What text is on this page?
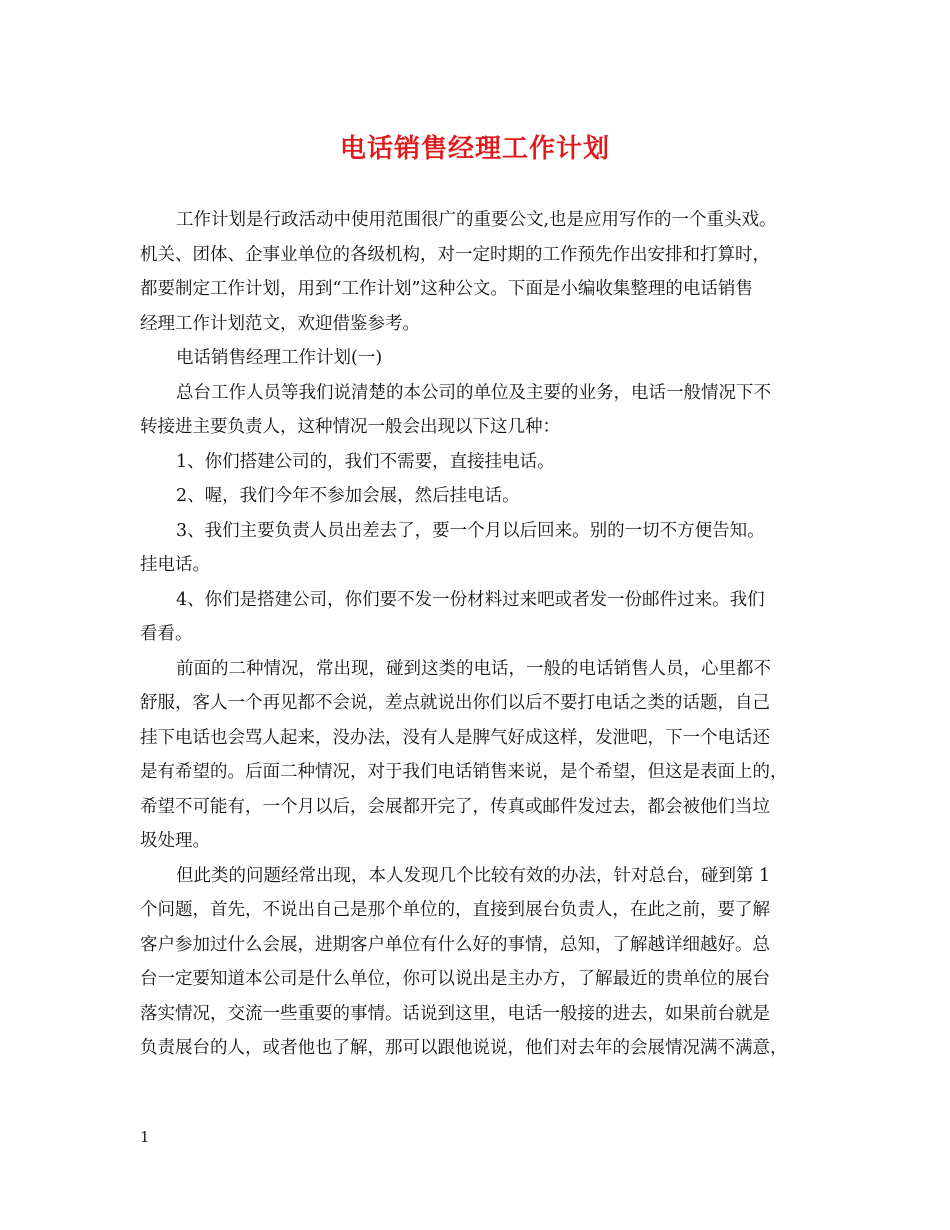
电话销售经理工作计划
工作计划是行政活动中使用范围很广的重要公文,也是应用写作的一个重头戏。
机关、团体、企事业单位的各级机构，对一定时期的工作预先作出安排和打算时，
都要制定工作计划，用到“工作计划”这种公文。下面是小编收集整理的电话销售
经理工作计划范文，欢迎借鉴参考。
电话销售经理工作计划(一)
总台工作人员等我们说清楚的本公司的单位及主要的业务，电话一般情况下不
转接进主要负责人，这种情况一般会出现以下这几种：
1、你们搭建公司的，我们不需要，直接挂电话。
2、喔，我们今年不参加会展，然后挂电话。
3、我们主要负责人员出差去了，要一个月以后回来。别的一切不方便告知。
挂电话。
4、你们是搭建公司，你们要不发一份材料过来吧或者发一份邮件过来。我们
看看。
前面的二种情况，常出现，碰到这类的电话，一般的电话销售人员，心里都不
舒服，客人一个再见都不会说，差点就说出你们以后不要打电话之类的话题，自己
挂下电话也会骂人起来，没办法，没有人是脾气好成这样，发泄吧，下一个电话还
是有希望的。后面二种情况，对于我们电话销售来说，是个希望，但这是表面上的，
希望不可能有，一个月以后，会展都开完了，传真或邮件发过去，都会被他们当垃
圾处理。
但此类的问题经常出现，本人发现几个比较有效的办法，针对总台，碰到第 1
个问题，首先，不说出自己是那个单位的，直接到展台负责人，在此之前，要了解
客户参加过什么会展，进期客户单位有什么好的事情，总知，了解越详细越好。总
台一定要知道本公司是什么单位，你可以说出是主办方，了解最近的贵单位的展台
落实情况，交流一些重要的事情。话说到这里，电话一般接的进去，如果前台就是
负责展台的人，或者他也了解，那可以跟他说说，他们对去年的会展情况满不满意，
1
